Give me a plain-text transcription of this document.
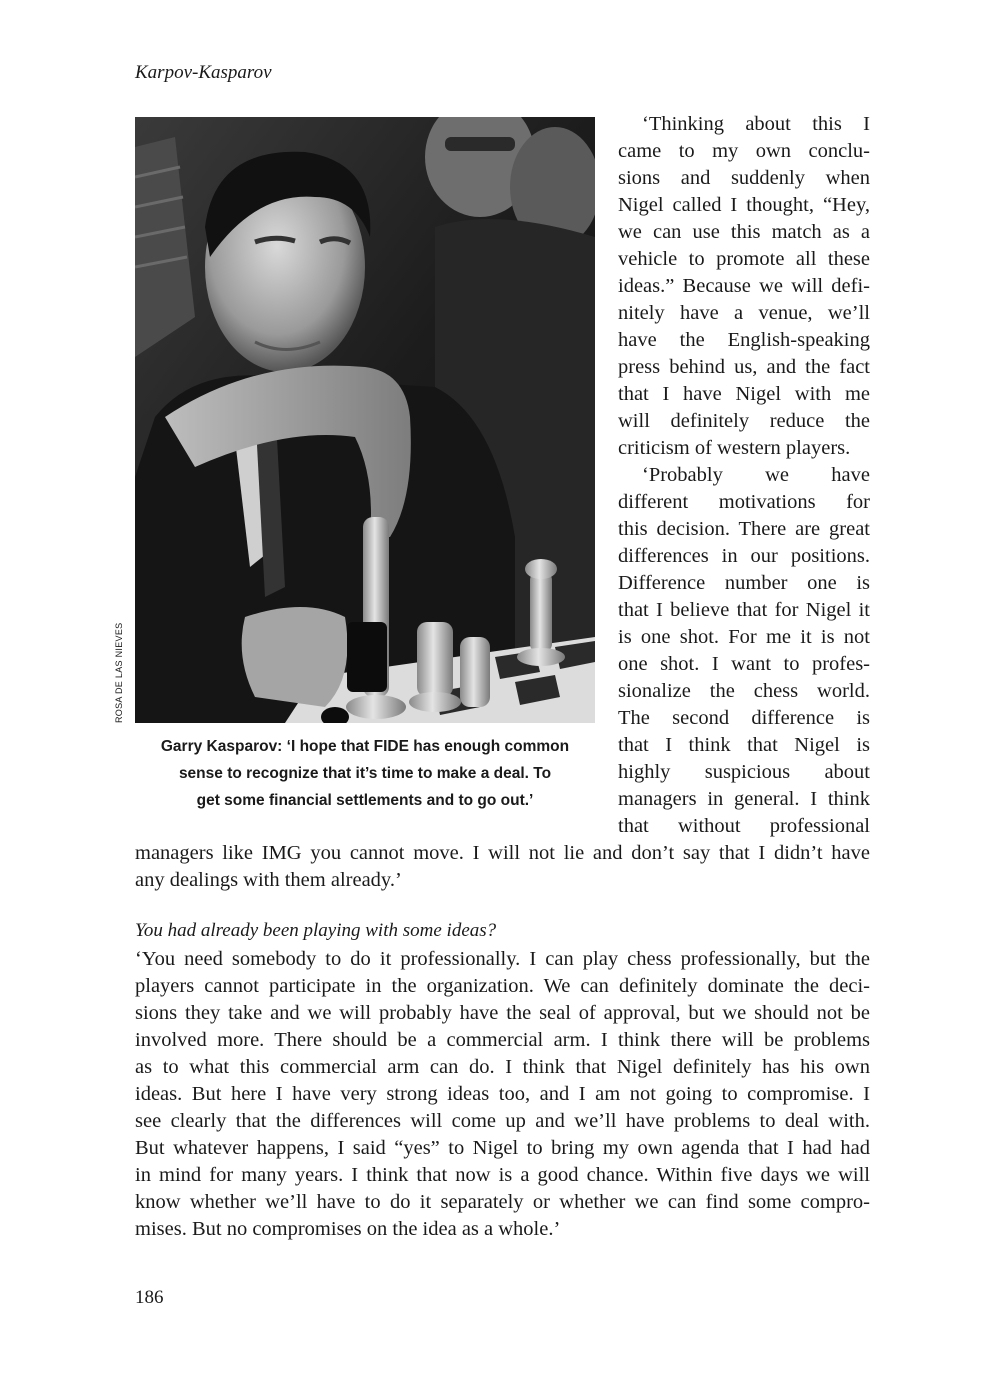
Karpov-Kasparov
ROSA DE LAS NIEVES
Garry Kasparov: ‘I hope that FIDE has enough common
sense to recognize that it’s time to make a deal. To
get some financial settlements and to go out.’

‘Thinking about this I

came to my own conclu-

sions and suddenly when

Nigel called I thought, “Hey,

we can use this match as a

vehicle to promote all these

ideas.” Because we will defi-

nitely have a venue, we’ll

have the English-speaking

press behind us, and the fact

that I have Nigel with me

will definitely reduce the

criticism of western players.

‘Probably we have

different motivations for

this decision. There are great

differences in our positions.

Difference number one is

that I believe that for Nigel it

is one shot. For me it is not

one shot. I want to profes-

sionalize the chess world.

The second difference is

that I think that Nigel is

highly suspicious about

managers in general. I think

that without professional

managers like IMG you cannot move. I will not lie and don’t say that I didn’t have

any dealings with them already.’

You had already been playing with some ideas?

‘You need somebody to do it professionally. I can play chess professionally, but the

players cannot participate in the organization. We can definitely dominate the deci-

sions they take and we will probably have the seal of approval, but we should not be

involved more. There should be a commercial arm. I think there will be problems

as to what this commercial arm can do. I think that Nigel definitely has his own

ideas. But here I have very strong ideas too, and I am not going to compromise. I

see clearly that the differences will come up and we’ll have problems to deal with.

But whatever happens, I said “yes” to Nigel to bring my own agenda that I had had

in mind for many years. I think that now is a good chance. Within five days we will

know whether we’ll have to do it separately or whether we can find some compro-

mises. But no compromises on the idea as a whole.’

186
